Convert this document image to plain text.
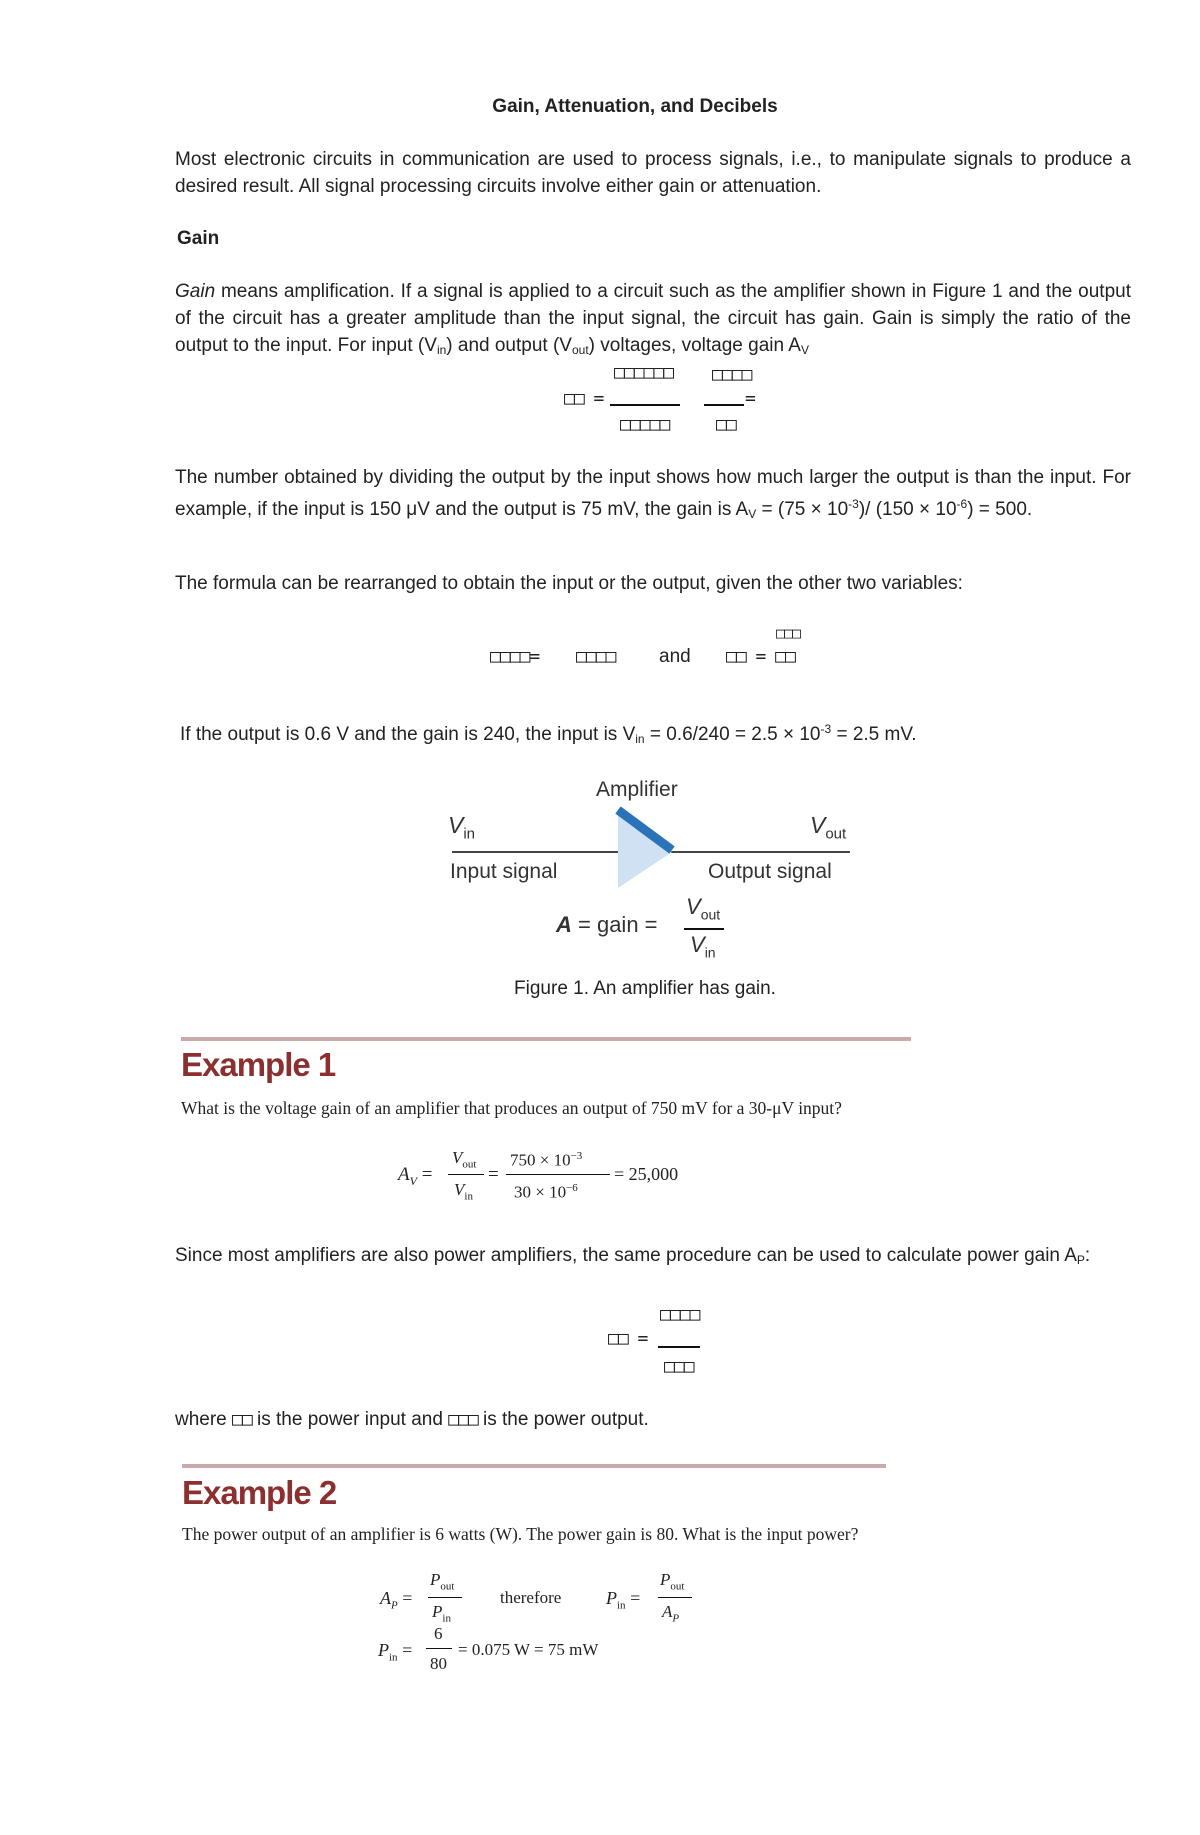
Gain, Attenuation, and Decibels
Most electronic circuits in communication are used to process signals, i.e., to manipulate signals to produce a desired result. All signal processing circuits involve either gain or attenuation.
Gain
Gain means amplification. If a signal is applied to a circuit such as the amplifier shown in Figure 1 and the output of the circuit has a greater amplitude than the input signal, the circuit has gain. Gain is simply the ratio of the output to the input. For input $(V_{in})$ and output $(V_{out})$ voltages, voltage gain $A_V$
□□ =
□□□□□□
□□□□□
□□□□
□□
=
The number obtained by dividing the output by the input shows how much larger the output is than the input. For example, if the input is 150 μV and the output is 75 mV, the gain is $A_V = (75 \times 10^{-3})/$ $(150 \times 10^{-6}) = 500$.
The formula can be rearranged to obtain the input or the output, given the other two variables:
□□□□= □□□□ and
□□□
□□ = □□
If the output is 0.6 V and the gain is 240, the input is $V_{in} = 0.6/240 = 2.5 \times 10^{-3} = 2.5$ mV.
Amplifier
$V_{in}$	$V_{out}$
Input signal	Output signal
A = gain =
$V_{out}$
$V_{in}$
Figure 1. An amplifier has gain.
Example 1
What is the voltage gain of an amplifier that produces an output of 750 mV for a 30-μV input?
$A_V$ =
$V_{out}$
$V_{in}$
=
$750 \times 10^{-3}$
$30 \times 10^{-6}$
= 25,000
Since most amplifiers are also power amplifiers, the same procedure can be used to calculate power gain $A_P$:
□□ =
□□□□
□□□
where □□ is the power input and □□□ is the power output.
Example 2
The power output of an amplifier is 6 watts (W). The power gain is 80. What is the input power?
$A_P$ =
$P_{out}$
$P_{in}$
therefore $P_{in}$ =
$P_{out}$
$A_P$
$P_{in}$ =
6
80
= 0.075 W = 75 mW
